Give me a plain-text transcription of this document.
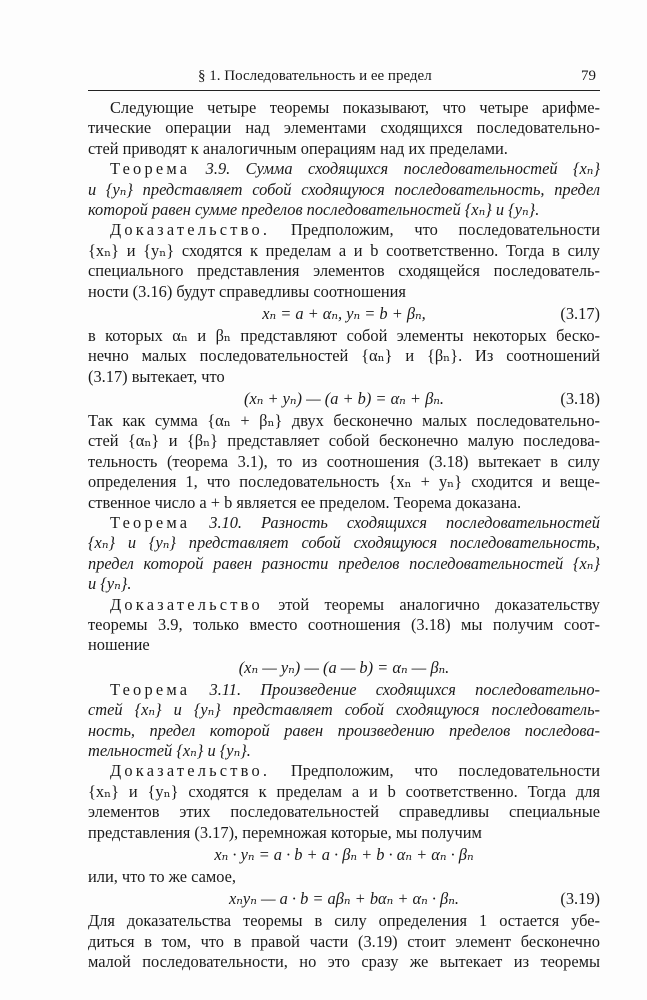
§ 1. Последовательность и ее предел	79
Следующие четыре теоремы показывают, что четыре арифме-
тические операции над элементами сходящихся последовательно-
стей приводят к аналогичным операциям над их пределами.
Теорема 3.9. Сумма сходящихся последовательностей {xₙ}
и {yₙ} представляет собой сходящуюся последовательность, предел
которой равен сумме пределов последовательностей {xₙ} и {yₙ}.
Доказательство. Предположим, что последовательности
{xₙ} и {yₙ} сходятся к пределам a и b соответственно. Тогда в силу
специального представления элементов сходящейся последователь-
ности (3.16) будут справедливы соотношения
xₙ = a + αₙ, yₙ = b + βₙ,	(3.17)
в которых αₙ и βₙ представляют собой элементы некоторых беско-
нечно малых последовательностей {αₙ} и {βₙ}. Из соотношений
(3.17) вытекает, что
(xₙ + yₙ) — (a + b) = αₙ + βₙ.	(3.18)
Так как сумма {αₙ + βₙ} двух бесконечно малых последовательно-
стей {αₙ} и {βₙ} представляет собой бесконечно малую последова-
тельность (теорема 3.1), то из соотношения (3.18) вытекает в силу
определения 1, что последовательность {xₙ + yₙ} сходится и веще-
ственное число a + b является ее пределом. Теорема доказана.
Теорема 3.10. Разность сходящихся последовательностей
{xₙ} и {yₙ} представляет собой сходящуюся последовательность,
предел которой равен разности пределов последовательностей {xₙ}
и {yₙ}.
Доказательство этой теоремы аналогично доказательству
теоремы 3.9, только вместо соотношения (3.18) мы получим соот-
ношение
(xₙ — yₙ) — (a — b) = αₙ — βₙ.
Теорема 3.11. Произведение сходящихся последовательно-
стей {xₙ} и {yₙ} представляет собой сходящуюся последователь-
ность, предел которой равен произведению пределов последова-
тельностей {xₙ} и {yₙ}.
Доказательство. Предположим, что последовательности
{xₙ} и {yₙ} сходятся к пределам a и b соответственно. Тогда для
элементов этих последовательностей справедливы специальные
представления (3.17), перемножая которые, мы получим
xₙ · yₙ = a · b + a · βₙ + b · αₙ + αₙ · βₙ
или, что то же самое,
xₙyₙ — a · b = aβₙ + bαₙ + αₙ · βₙ.	(3.19)
Для доказательства теоремы в силу определения 1 остается убе-
диться в том, что в правой части (3.19) стоит элемент бесконечно
малой последовательности, но это сразу же вытекает из теоремы
